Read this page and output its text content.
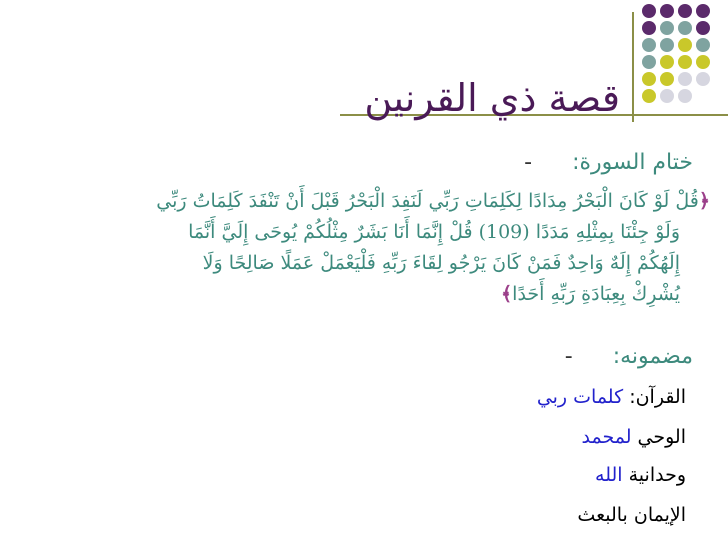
قصة ذي القرنين
ختام السورة:-
﴿قُلْ لَوْ كَانَ الْبَحْرُ مِدَادًا لِكَلِمَاتِ رَبِّي لَنَفِدَ الْبَحْرُ قَبْلَ أَنْ تَنْفَدَ كَلِمَاتُ رَبِّي
وَلَوْ جِئْنَا بِمِثْلِهِ مَدَدًا (109) قُلْ إِنَّمَا أَنَا بَشَرٌ مِثْلُكُمْ يُوحَى إِلَيَّ أَنَّمَا
إِلَهُكُمْ إِلَهٌ وَاحِدٌ فَمَنْ كَانَ يَرْجُو لِقَاءَ رَبِّهِ فَلْيَعْمَلْ عَمَلًا صَالِحًا وَلَا
يُشْرِكْ بِعِبَادَةِ رَبِّهِ أَحَدًا﴾
مضمونه:-
القرآن: كلمات ربي
الوحي لمحمد
وحدانية الله
الإيمان بالبعث
